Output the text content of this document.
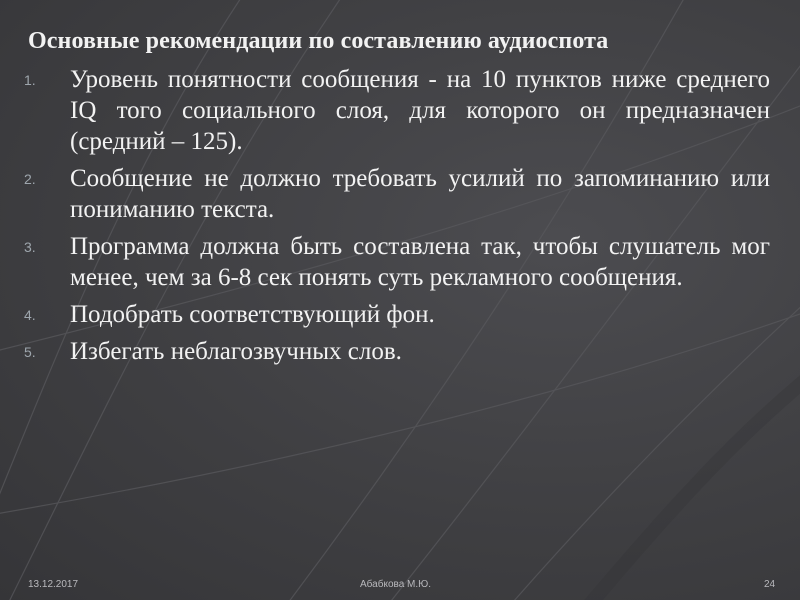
Основные рекомендации по составлению аудиоспота
1.	Уровень понятности сообщения - на 10 пунктов ниже среднего IQ того социального слоя, для которого он предназначен (средний – 125).
2.	Сообщение не должно требовать усилий по запоминанию или пониманию текста.
3.	Программа должна быть составлена так, чтобы слушатель мог менее, чем за 6-8 сек понять суть рекламного сообщения.
4.	Подобрать соответствующий фон.
5.	Избегать неблагозвучных слов.
13.12.2017	Абабкова М.Ю.	24
